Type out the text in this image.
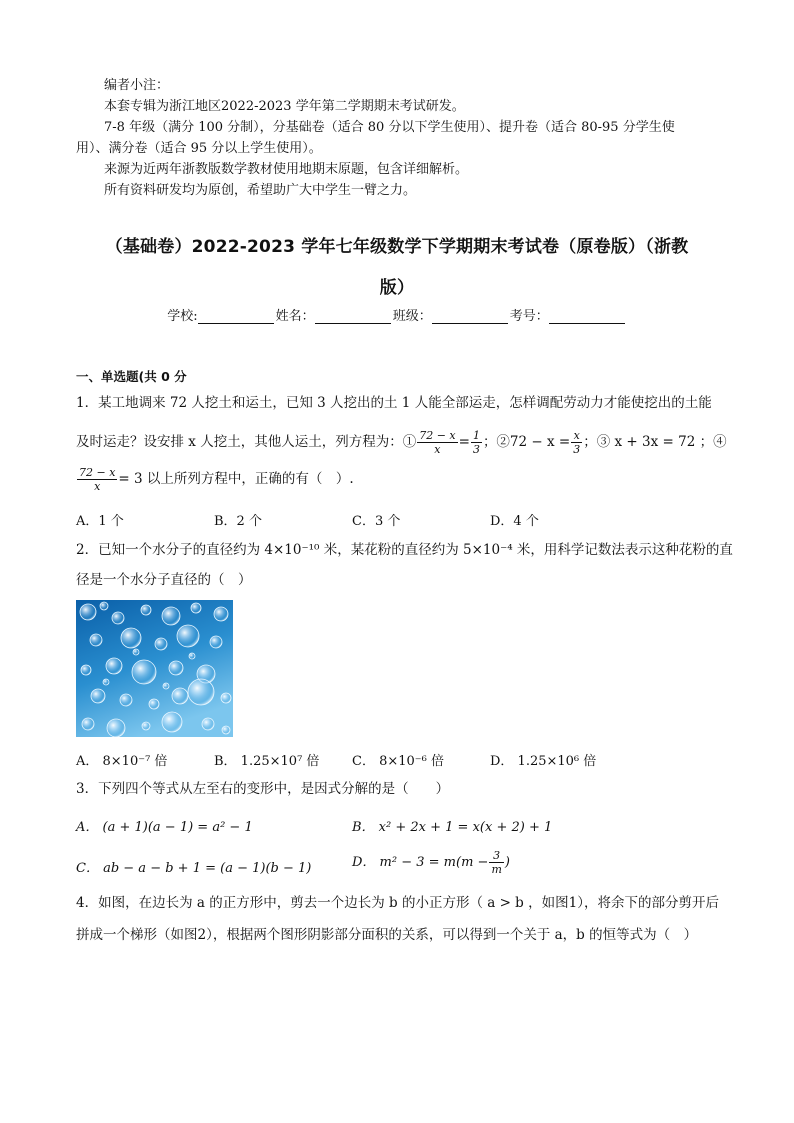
编者小注：
本套专辑为浙江地区2022-2023 学年第二学期期末考试研发。
7-8 年级（满分 100 分制），分基础卷（适合 80 分以下学生使用）、提升卷（适合 80-95 分学生使
用）、满分卷（适合 95 分以上学生使用）。
来源为近两年浙教版数学教材使用地期末原题，包含详细解析。
所有资料研发均为原创，希望助广大中学生一臂之力。
（基础卷）2022-2023 学年七年级数学下学期期末考试卷（原卷版）（浙教
版）
学校:	姓名：	班级：	考号：
一、单选题(共 0 分
1．某工地调来 72 人挖土和运土，已知 3 人挖出的土 1 人能全部运走，怎样调配劳动力才能使挖出的土能
及时运走？设安排 x 人挖土，其他人运土，列方程为：① $\frac{72 - x}{x} = \frac{1}{3}$ ；②72 − $x = \frac{x}{3}$ ；③ x + 3x = 72 ；④
$\frac{72 - x}{x} = 3$ 以上所列方程中，正确的有（　）.
A．1 个	B．2 个	C．3 个	D．4 个
2．已知一个水分子的直径约为 4×10⁻¹⁰ 米，某花粉的直径约为 5×10⁻⁴ 米，用科学记数法表示这种花粉的直
径是一个水分子直径的（　）
A． 8×10⁻⁷ 倍	B． 1.25×10⁷ 倍	C． 8×10⁻⁶ 倍	D． 1.25×10⁶ 倍
3．下列四个等式从左至右的变形中，是因式分解的是（　　）
A． (a + 1)(a − 1) = a² − 1	B． x² + 2x + 1 = x(x + 2) + 1
C． ab − a − b + 1 = (a − 1)(b − 1)	D． $m^2 - 3 = m(m - \frac{3}{m}$ )
4．如图，在边长为 a 的正方形中，剪去一个边长为 b 的小正方形（ a > b ，如图1），将余下的部分剪开后
拼成一个梯形（如图2），根据两个图形阴影部分面积的关系，可以得到一个关于 a，b 的恒等式为（　）
